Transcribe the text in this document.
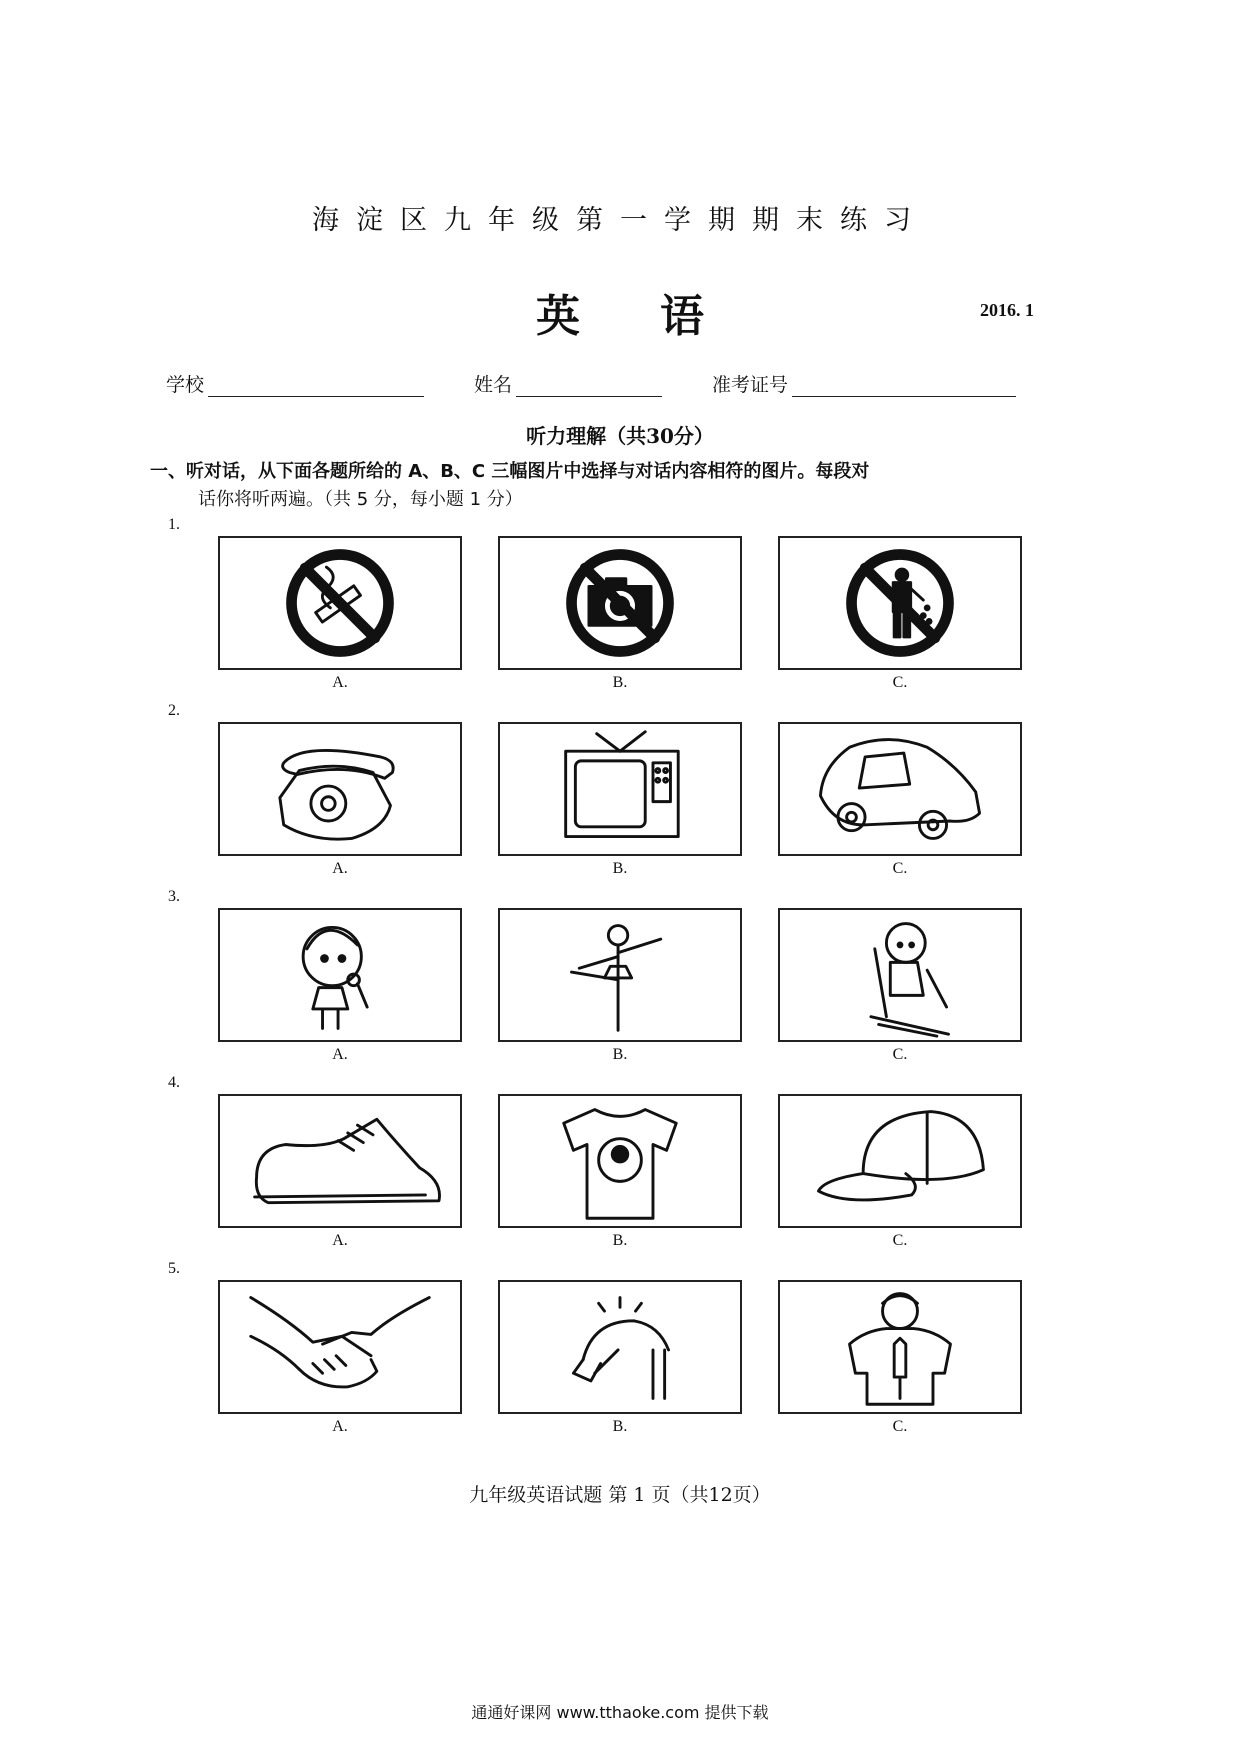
海淀区九年级第一学期期末练习
英语	2016. 1
学校	姓名	准考证号
听力理解（共30分）
一、听对话，从下面各题所给的 A、B、C 三幅图片中选择与对话内容相符的图片。每段对
话你将听两遍。（共 5 分，每小题 1 分）
1.
A.	B.	C.
2.
A.	B.	C.
3.
A.	B.	C.
4.
A.	B.	C.
5.
A.	B.	C.
九年级英语试题 第 1 页（共12页）
通通好课网 www.tthaoke.com 提供下载
